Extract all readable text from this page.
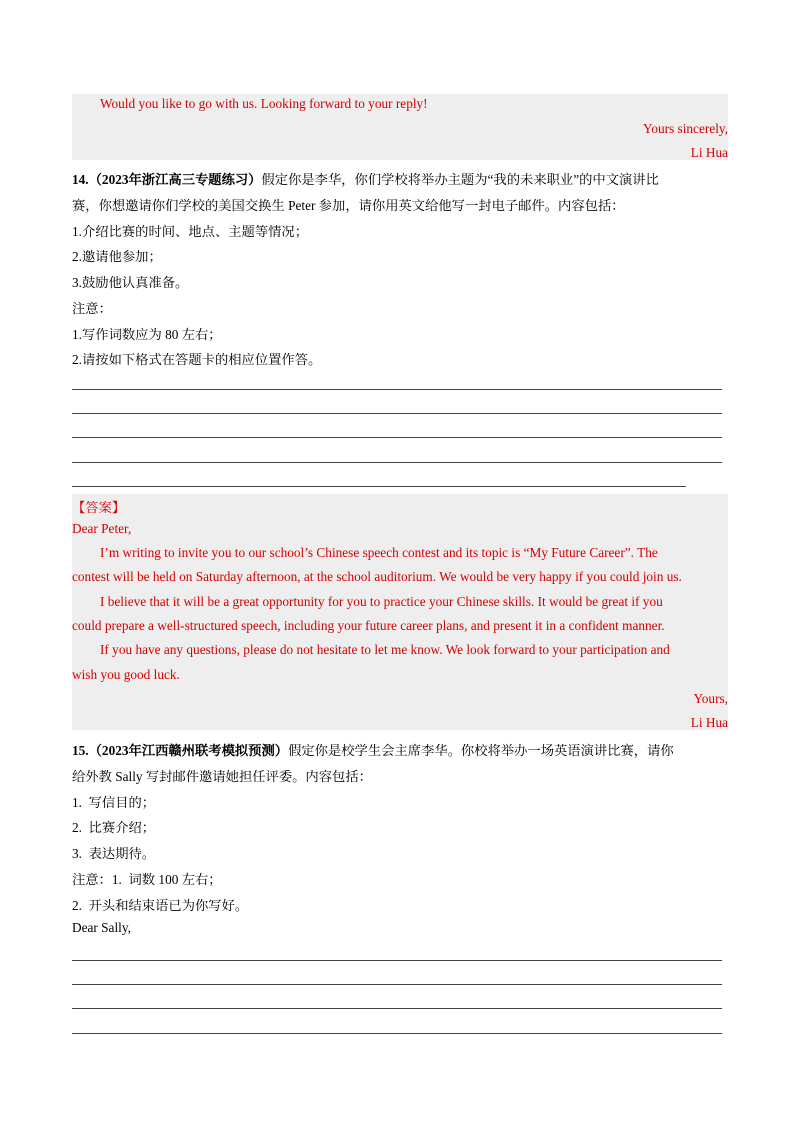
Would you like to go with us. Looking forward to your reply!
Yours sincerely,
Li Hua
14.（2023年浙江高三专题练习）假定你是李华，你们学校将举办主题为“我的未来职业”的中文演讲比
赛，你想邀请你们学校的美国交换生 Peter 参加，请你用英文给他写一封电子邮件。内容包括：
1.介绍比赛的时间、地点、主题等情况；
2.邀请他参加；
3.鼓励他认真准备。
注意：
1.写作词数应为 80 左右；
2.请按如下格式在答题卡的相应位置作答。
【答案】
Dear Peter,
I’m writing to invite you to our school’s Chinese speech contest and its topic is “My Future Career”. The
contest will be held on Saturday afternoon, at the school auditorium. We would be very happy if you could join us.
I believe that it will be a great opportunity for you to practice your Chinese skills. It would be great if you
could prepare a well-structured speech, including your future career plans, and present it in a confident manner.
If you have any questions, please do not hesitate to let me know. We look forward to your participation and
wish you good luck.
Yours,
Li Hua
15.（2023年江西赣州联考模拟预测）假定你是校学生会主席李华。你校将举办一场英语演讲比赛，请你
给外教 Sally 写封邮件邀请她担任评委。内容包括：
1.  写信目的；
2.  比赛介绍；
3.  表达期待。
注意：1.  词数 100 左右；
2.  开头和结束语已为你写好。
Dear Sally,
